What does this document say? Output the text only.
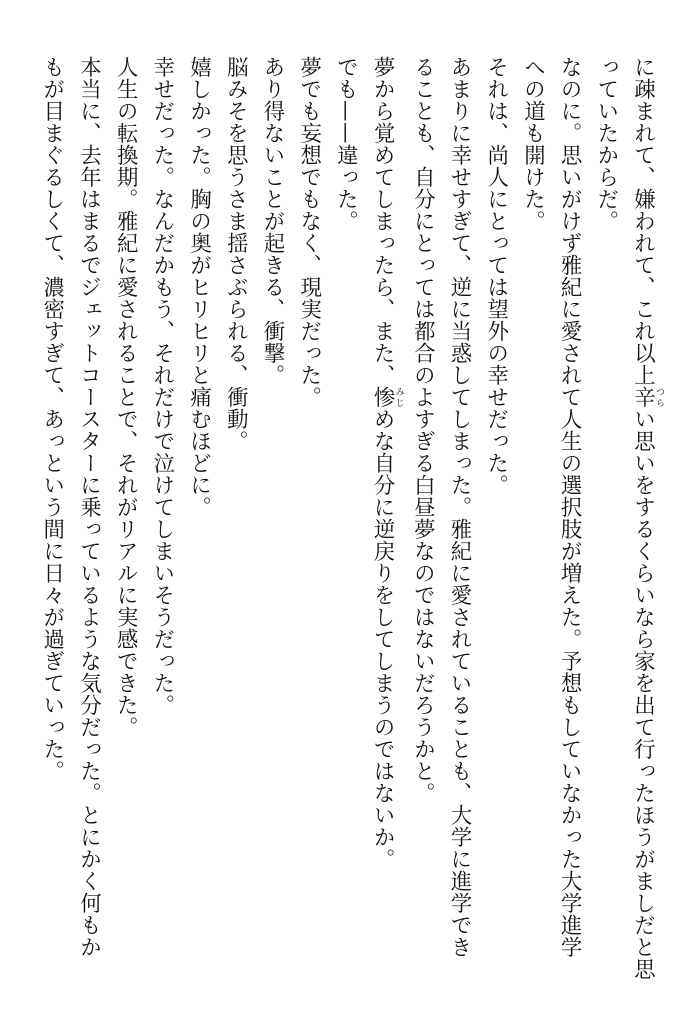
に疎まれて、嫌われて、これ以上辛つらい思いをするくらいなら家を出て行ったほうがましだと思
っていたからだ。
なのに。思いがけず雅紀に愛されて人生の選択肢が増えた。予想もしていなかった大学進学
への道も開けた。
それは、尚人にとっては望外の幸せだった。
あまりに幸せすぎて、逆に当惑してしまった。雅紀に愛されていることも、大学に進学でき
ることも、自分にとっては都合のよすぎる白昼夢なのではないだろうかと。
夢から覚めてしまったら、また、惨みじめな自分に逆戻りをしてしまうのではないか。
でも——違った。
夢でも妄想でもなく、現実だった。
あり得ないことが起きる、衝撃。
脳みそを思うさま揺さぶられる、衝動。
嬉しかった。胸の奥がヒリヒリと痛むほどに。
幸せだった。なんだかもう、それだけで泣けてしまいそうだった。
人生の転換期。雅紀に愛されることで、それがリアルに実感できた。
本当に、去年はまるでジェットコースターに乗っているような気分だった。とにかく何もか
もが目まぐるしくて、濃密すぎて、あっという間に日々が過ぎていった。
